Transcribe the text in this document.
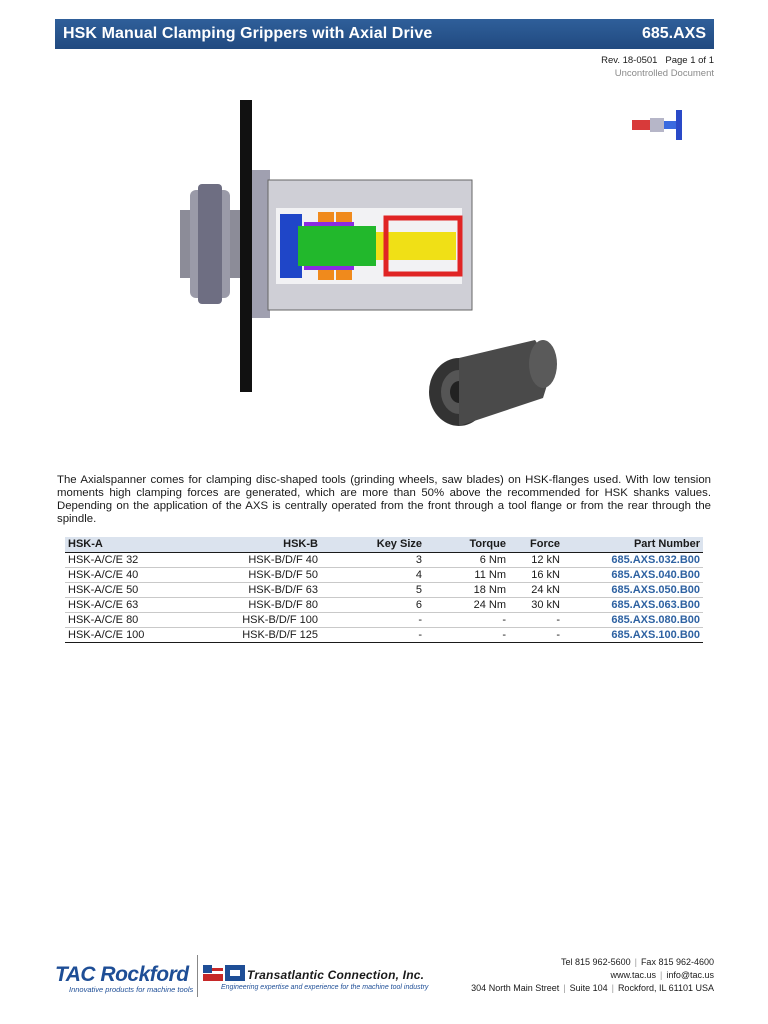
HSK Manual Clamping Grippers with Axial Drive	685.AXS
Rev. 18-0501 Page 1 of 1
Uncontrolled Document

The Axialspanner comes for clamping disc-shaped tools (grinding wheels, saw blades) on HSK-flanges used. With low tension moments high clamping forces are generated, which are more than 50% above the recommended for HSK shanks values. Depending on the application of the AXS is centrally operated from the front through a tool flange or from the rear through the spindle.

HSK-A	HSK-B	Key Size	Torque	Force	Part Number
HSK-A/C/E 32	HSK-B/D/F 40	3	6 Nm	12 kN	685.AXS.032.B00
HSK-A/C/E 40	HSK-B/D/F 50	4	11 Nm	16 kN	685.AXS.040.B00
HSK-A/C/E 50	HSK-B/D/F 63	5	18 Nm	24 kN	685.AXS.050.B00
HSK-A/C/E 63	HSK-B/D/F 80	6	24 Nm	30 kN	685.AXS.063.B00
HSK-A/C/E 80	HSK-B/D/F 100	-	-	-	685.AXS.080.B00
HSK-A/C/E 100	HSK-B/D/F 125	-	-	-	685.AXS.100.B00
TAC Rockford
Innovative products for machine tools
Transatlantic Connection, Inc.
Engineering expertise and experience for the machine tool industry
Tel 815 962-5600 | Fax 815 962-4600
www.tac.us | info@tac.us
304 North Main Street | Suite 104 | Rockford, IL 61101 USA
